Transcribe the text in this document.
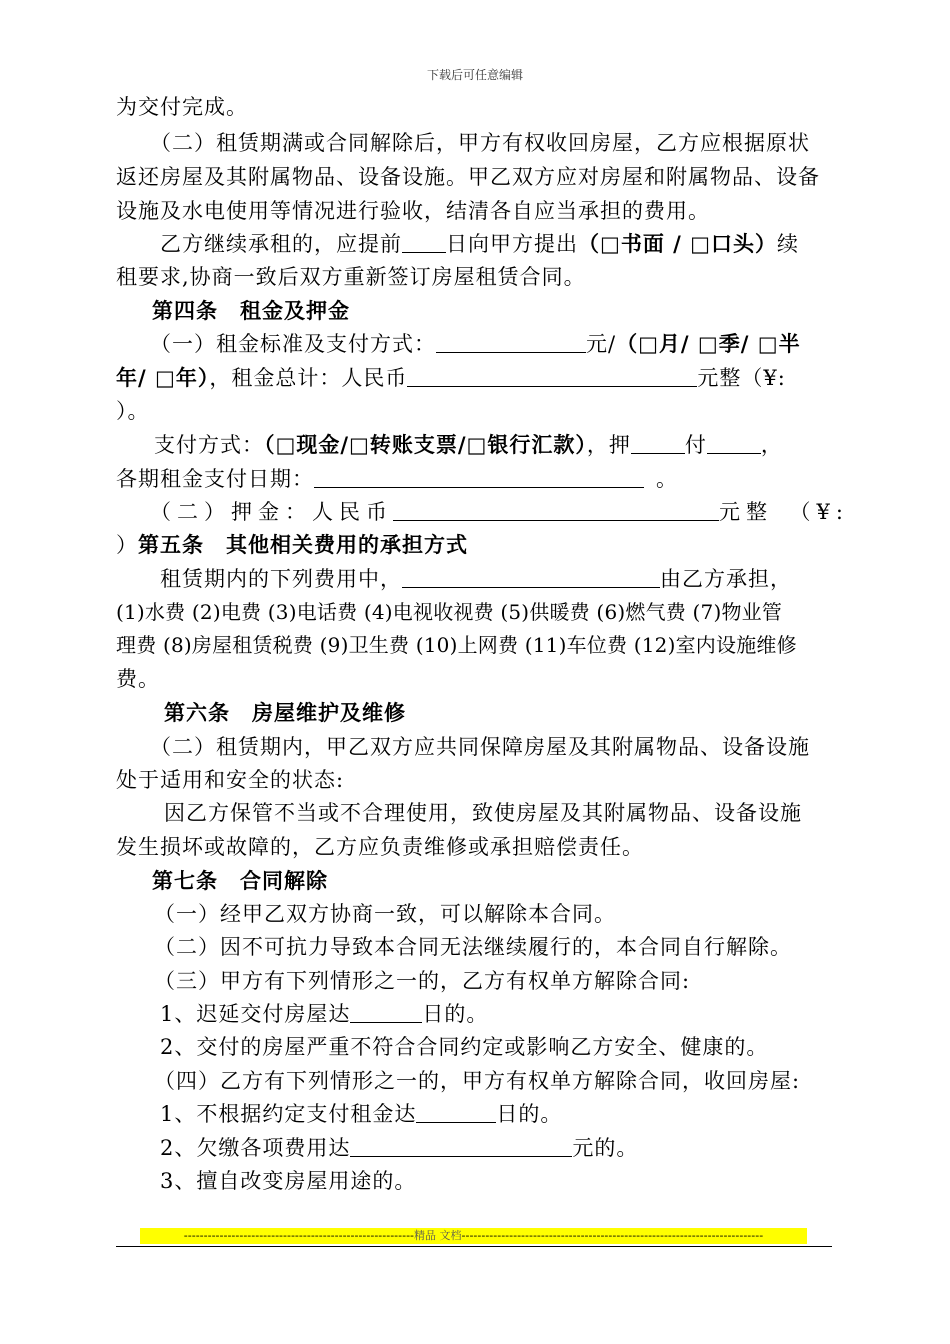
下载后可任意编辑
为交付完成。
（二）租赁期满或合同解除后，甲方有权收回房屋，乙方应根据原状
返还房屋及其附属物品、设备设施。甲乙双方应对房屋和附属物品、设备
设施及水电使用等情况进行验收，结清各自应当承担的费用。
乙方继续承租的，应提前 日向甲方提出（□书面 / □口头）续
租要求,协商一致后双方重新签订房屋租赁合同。
第四条　租金及押金
（一）租金标准及支付方式：	元/（□月/ □季/ □半
年/ □年），租金总计：人民币	元整（¥:
）。
支付方式：（□现金/□转账支票/□银行汇款），押	付	，
各期租金支付日期：	。
（二）押金：人民币	元整　（¥:
）第五条　其他相关费用的承担方式
租赁期内的下列费用中，	由乙方承担，
(1)水费 (2)电费 (3)电话费 (4)电视收视费 (5)供暖费 (6)燃气费 (7)物业管
理费 (8)房屋租赁税费 (9)卫生费 (10)上网费 (11)车位费 (12)室内设施维修
费。
第六条　房屋维护及维修
（二）租赁期内，甲乙双方应共同保障房屋及其附属物品、设备设施
处于适用和安全的状态:
因乙方保管不当或不合理使用，致使房屋及其附属物品、设备设施
发生损坏或故障的，乙方应负责维修或承担赔偿责任。
第七条　合同解除
（一）经甲乙双方协商一致，可以解除本合同。
（二）因不可抗力导致本合同无法继续履行的，本合同自行解除。
（三）甲方有下列情形之一的，乙方有权单方解除合同:
1、迟延交付房屋达	日的。
2、交付的房屋严重不符合合同约定或影响乙方安全、健康的。
（四）乙方有下列情形之一的，甲方有权单方解除合同，收回房屋:
1、不根据约定支付租金达	日的。
2、欠缴各项费用达	元的。
3、擅自改变房屋用途的。
----------------------------------------------------------精品 文档----------------------------------------------------------------------------
